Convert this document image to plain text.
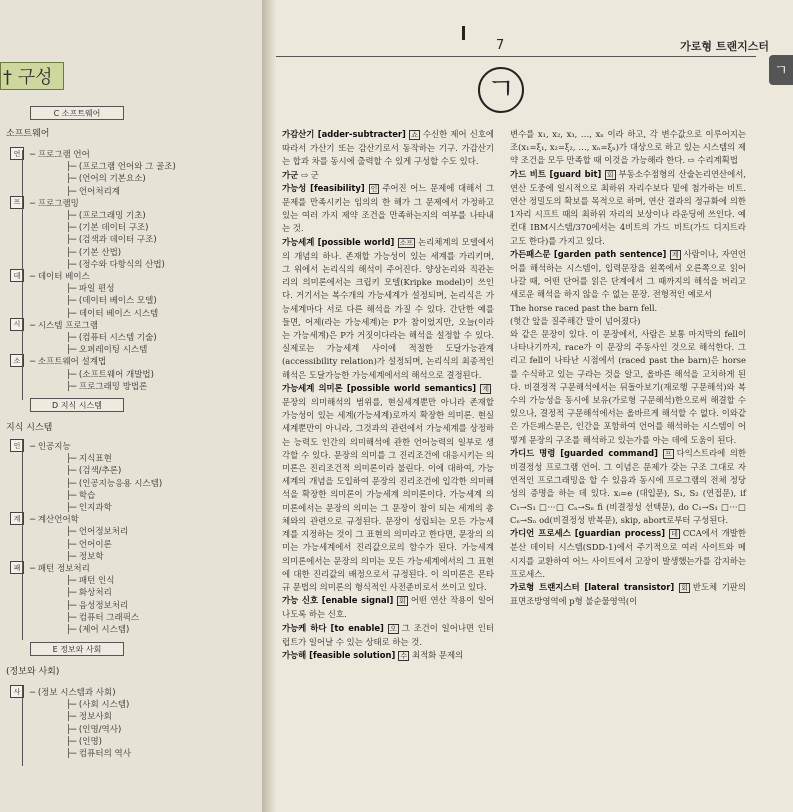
† 구성
C 소프트웨어
소프트웨어
언	─ 프로그램 언어
├─ (프로그램 언어와 그 골조)
├─ (언어의 기본요소)
├─ 언어처리계
프	─ 프로그램밍
├─ (프로그래밍 기초)
├─ (기본 데이터 구조)
├─ (검색과 데이터 구조)
├─ (기본 산법)
├─ (정수와 다항식의 산법)
데	─ 데이터 베이스
├─ 파일 편성
├─ (데이터 베이스 모델)
├─ 데이터 베이스 시스템
시	─ 시스템 프로그램
├─ (컴퓨터 시스템 기술)
├─ 오퍼레이팅 시스템
소	─ 소프트웨어 설계법
├─ (소프트웨어 개발법)
├─ 프로그래밍 방법론
D 지식 시스템
지식 시스템
인	─ 인공지능
├─ 지식표현
├─ (검색/추론)
├─ (인공지능응용 시스템)
├─ 학습
├─ 인지과학
계	─ 계산언어학
├─ 언어정보처리
├─ 언어이론
├─ 정보학
패	─ 패턴 정보처리
├─ 패턴 인식
├─ 화상처리
├─ 음성정보처리
├─ 컴퓨터 그래픽스
├─ (제어 시스템)
E 정보와 사회
(정보와 사회)
사	─ (정보 시스템과 사회)
├─ (사회 시스템)
├─ 정보사회
├─ (인명/역사)
├─ (인명)
├─ 컴퓨터의 역사
7	가로형 트랜지스터
ㄱ
ㄱ

가감산기 [adder-subtracter] 쇼 수신한 제어 신호에 따라서 가산기 또는 감산기로서 동작하는 기구. 가감산기는 합과 차를 동시에 출력할 수 있게 구성할 수도 있다.

가군 ⇨ 군

가능성 [feasibility] 인 주어진 어느 문제에 대해서 그 문제를 만족시키는 임의의 한 해가 그 문제에서 가정하고 있는 여러 가지 제약 조건을 만족하는지의 여부를 나타내는 것.

가능세계 [possible world] 소프 논리체계의 모델에서의 개념의 하나. 존재할 가능성이 있는 세계를 가리키며, 그 위에서 논리식의 해석이 주어진다. 양상논리와 직관논리의 의미론에서는 크립키 모델(Kripke model)이 쓰인다. 거기서는 복수개의 가능세계가 설정되며, 논리식은 가능세계마다 서로 다른 해석을 가질 수 있다. 간단한 예를 들면, 어제(라는 가능세계)는 P가 참이었지만, 오늘(이라는 가능세계)은 P가 거짓이다라는 해석을 설정할 수 있다. 실제로는 가능세계 사이에 적절한 도달가능관계(accessibility relation)가 설정되며, 논리식의 최종적인 해석은 도달가능한 가능세계에서의 해석으로 결정된다.

가능세계 의미론 [possible world semantics] 계문장의 의미해석의 범위를, 현실세계뿐만 아니라 존재할 가능성이 있는 세계(가능세계)로까지 확장한 의미론. 현실세계뿐만이 아니라, 그것과의 관련에서 가능세계를 상정하는 능력도 인간의 의미해석에 관한 언어능력의 일부로 생각할 수 있다. 문장의 의미를 그 진리조건에 대응시키는 의미론은 진리조건적 의미론이라 불린다. 이에 대하여, 가능세계의 개념을 도입하여 문장의 진리조건에 입각한 의미해석을 확장한 의미론이 가능세계 의미론이다. 가능세계 의미론에서는 문장의 의미는 그 문장이 참이 되는 세계의 총체와의 관련으로 규정된다. 문장이 성립되는 모든 가능세계를 지정하는 것이 그 표현의 의미라고 한다면, 문장의 의미는 가능세계에서 진리값으로의 함수가 된다. 가능세계 의미론에서는 문장의 의미는 모든 가능세계에서의 그 표현에 대한 진리값의 배정으로서 규정된다. 이 의미론은 몬타규 문법의 의미론의 형식적인 사전준비로서 쓰이고 있다.

가능 신호 [enable signal] 회 어떤 연산 작용이 일어나도록 하는 신호.

가능케 하다 [to enable] 오 그 조건이 일어나면 인터럽트가 일어날 수 있는 상태로 하는 것.

가능해 [feasible solution] 수 최적화 문제의

변수를 x₁, x₂, x₃, …, xₙ 이라 하고, 각 변수값으로 이루어지는 조(x₁=ξ₁, x₂=ξ₂, …, xₙ=ξₙ)가 대상으로 하고 있는 시스템의 제약 조건을 모두 만족할 때 이것을 가능해라 한다. ⇨ 수리계획법

가드 비트 [guard bit] 회 부동소수점형의 산술논리연산에서, 연산 도중에 일시적으로 최하위 자리수보다 밑에 첨가하는 비트. 연산 정밀도의 확보를 목적으로 하며, 연산 결과의 정규화에 의한 1자리 시프트 때의 최하위 자리의 보상이나 라운딩에 쓰인다. 예컨대 IBM시스템/370에서는 4비트의 가드 비트(가드 디지트라고도 한다)를 가지고 있다.

가든패스문 [garden path sentence] 계 사람이나, 자연언어를 해석하는 시스템이, 입력문장을 왼쪽에서 오른쪽으로 읽어 나갈 때, 어떤 단어를 읽은 단계에서 그 때까지의 해석을 버리고 새로운 해석을 하지 않을 수 없는 문장. 전형적인 예로서
The horse raced past the barn fell.
(헛간 앞을 질주해간 말이 넘어졌다)
와 같은 문장이 있다. 이 문장에서, 사람은 보통 마지막의 fell이 나타나기까지, race가 이 문장의 주동사인 것으로 해석한다. 그리고 fell이 나타난 시점에서 (raced past the barn)은 horse를 수식하고 있는 구라는 것을 알고, 올바른 해석을 고치하게 된다. 비결정적 구문해석에서는 뒤돌아보기(재로행 구문해석)와 복수의 가능성을 동시에 보유(가로형 구문해석)한으로써 해결할 수 있으나, 결정적 구문해석에서는 올바르게 해석할 수 없다. 이와같은 가든패스문은, 인간을 포함하여 언어를 해석하는 시스템이 어떻게 문장의 구조를 해석하고 있는가를 아는 데에 도움이 된다.

가디드 명령 [guarded command] 프 다익스트라에 의한 비결정성 프로그램 언어. 그 이념은 문제가 갖는 구조 그대로 자연적인 프로그래밍을 할 수 있음과 동시에 프로그램의 전체 정당성의 증명을 하는 데 있다. xᵢ=e (대입문), S₁, S₂ (연접문), if C₁→S₁ □···□ Cₙ→Sₙ fi (비결정성 선택문), do C₁→S₁ □···□ Cₙ→Sₙ od(비결정성 반복문), skip, abort로부터 구성된다.

가디언 프로세스 [guardian process] 데 CCA에서 개발한 분산 데이터 시스템(SDD-1)에서 주기적으로 여러 사이트와 메시지를 교환하여 어느 사이트에서 고장이 발생했는가를 감지하는 프로세스.

가로형 트랜지스터 [lateral transistor] 회 반도체 기판의 표면조방영역에 p형 불순물영역(이
